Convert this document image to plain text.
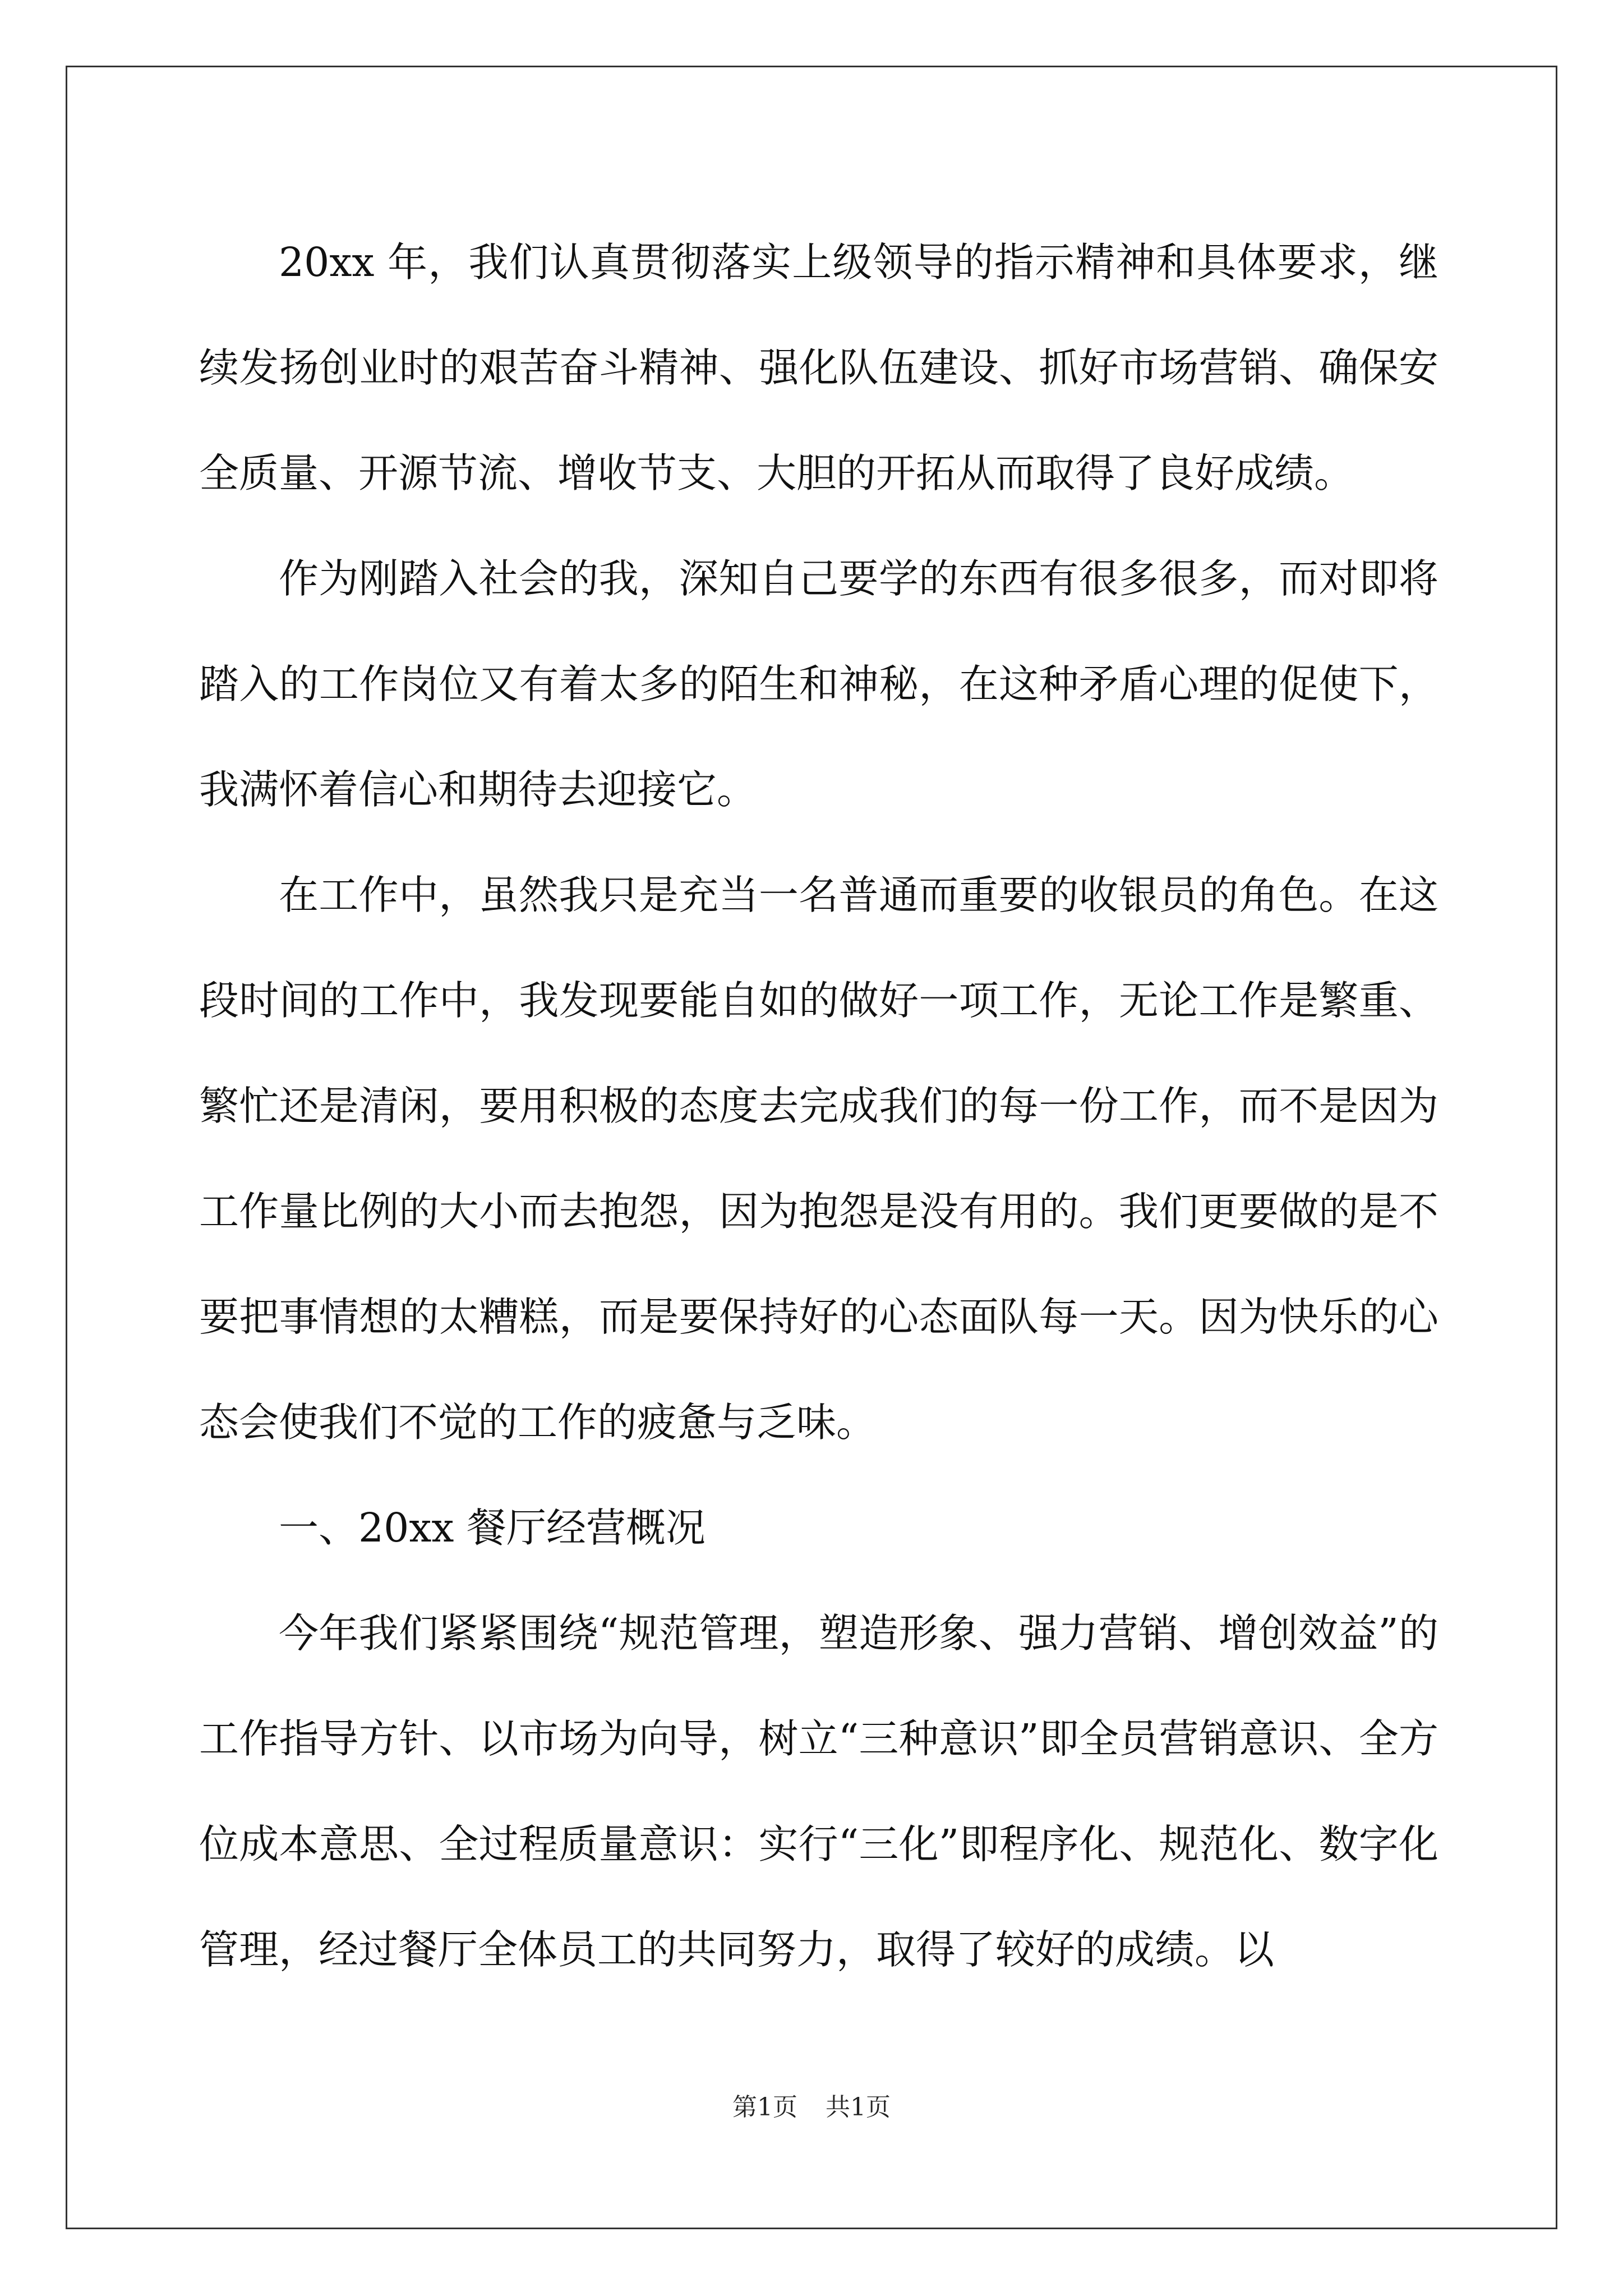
20xx 年，我们认真贯彻落实上级领导的指示精神和具体要求，继续发扬创业时的艰苦奋斗精神、强化队伍建设、抓好市场营销、确保安全质量、开源节流、增收节支、大胆的开拓从而取得了良好成绩。

作为刚踏入社会的我，深知自己要学的东西有很多很多，而对即将踏入的工作岗位又有着太多的陌生和神秘，在这种矛盾心理的促使下，我满怀着信心和期待去迎接它。

在工作中，虽然我只是充当一名普通而重要的收银员的角色。在这段时间的工作中，我发现要能自如的做好一项工作，无论工作是繁重、繁忙还是清闲，要用积极的态度去完成我们的每一份工作，而不是因为工作量比例的大小而去抱怨，因为抱怨是没有用的。我们更要做的是不要把事情想的太糟糕，而是要保持好的心态面队每一天。因为快乐的心态会使我们不觉的工作的疲惫与乏味。

一、20xx 餐厅经营概况

今年我们紧紧围绕“规范管理，塑造形象、强力营销、增创效益”的工作指导方针、以市场为向导，树立“三种意识”即全员营销意识、全方位成本意思、全过程质量意识：实行“三化”即程序化、规范化、数字化管理，经过餐厅全体员工的共同努力，取得了较好的成绩。以

第1页 共1页
